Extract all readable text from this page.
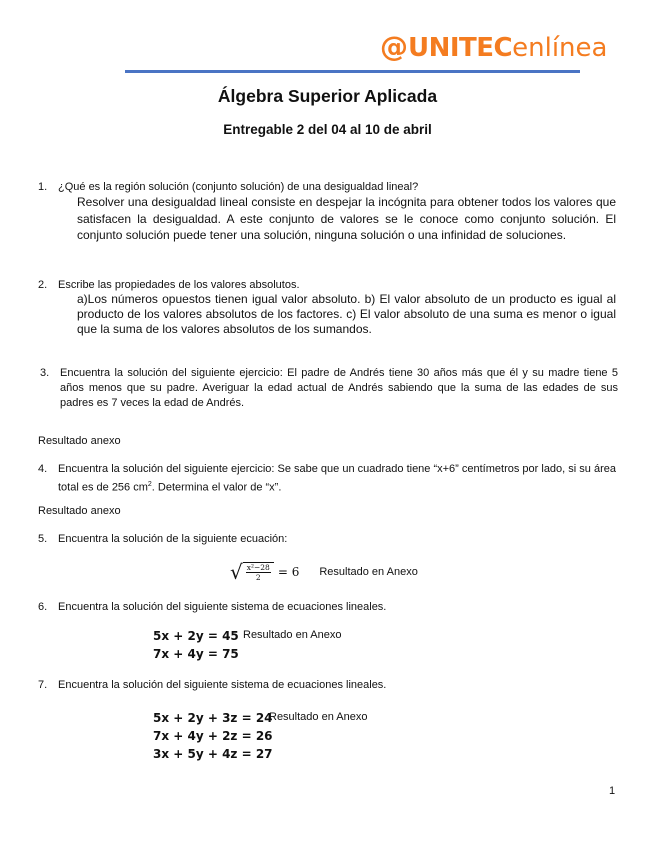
@UNITECenlínea
Álgebra Superior Aplicada
Entregable 2 del 04 al 10 de abril
1. ¿Qué es la región solución (conjunto solución) de una desigualdad lineal?
Resolver una desigualdad lineal consiste en despejar la incógnita para obtener todos los valores que satisfacen la desigualdad. A este conjunto de valores se le conoce como conjunto solución. El conjunto solución puede tener una solución, ninguna solución o una infinidad de soluciones.
2. Escribe las propiedades de los valores absolutos.
a)Los números opuestos tienen igual valor absoluto. b) El valor absoluto de un producto es igual al producto de los valores absolutos de los factores. c) El valor absoluto de una suma es menor o igual que la suma de los valores absolutos de los sumandos.
3. Encuentra la solución del siguiente ejercicio: El padre de Andrés tiene 30 años más que él y su madre tiene 5 años menos que su padre. Averiguar la edad actual de Andrés sabiendo que la suma de las edades de sus padres es 7 veces la edad de Andrés.
Resultado anexo
4. Encuentra la solución del siguiente ejercicio: Se sabe que un cuadrado tiene “x+6” centímetros por lado, si su área total es de 256 $cm^2$. Determina el valor de “x”.
Resultado anexo
5. Encuentra la solución de la siguiente ecuación:
√ $\frac{\text{x²−28}}{2} = 6$ Resultado en Anexo
6. Encuentra la solución del siguiente sistema de ecuaciones lineales.
5x + 2y = 45
7x + 4y = 75
Resultado en Anexo
7. Encuentra la solución del siguiente sistema de ecuaciones lineales.
5x + 2y + 3z = 24
7x + 4y + 2z = 26
3x + 5y + 4z = 27
Resultado en Anexo
1
